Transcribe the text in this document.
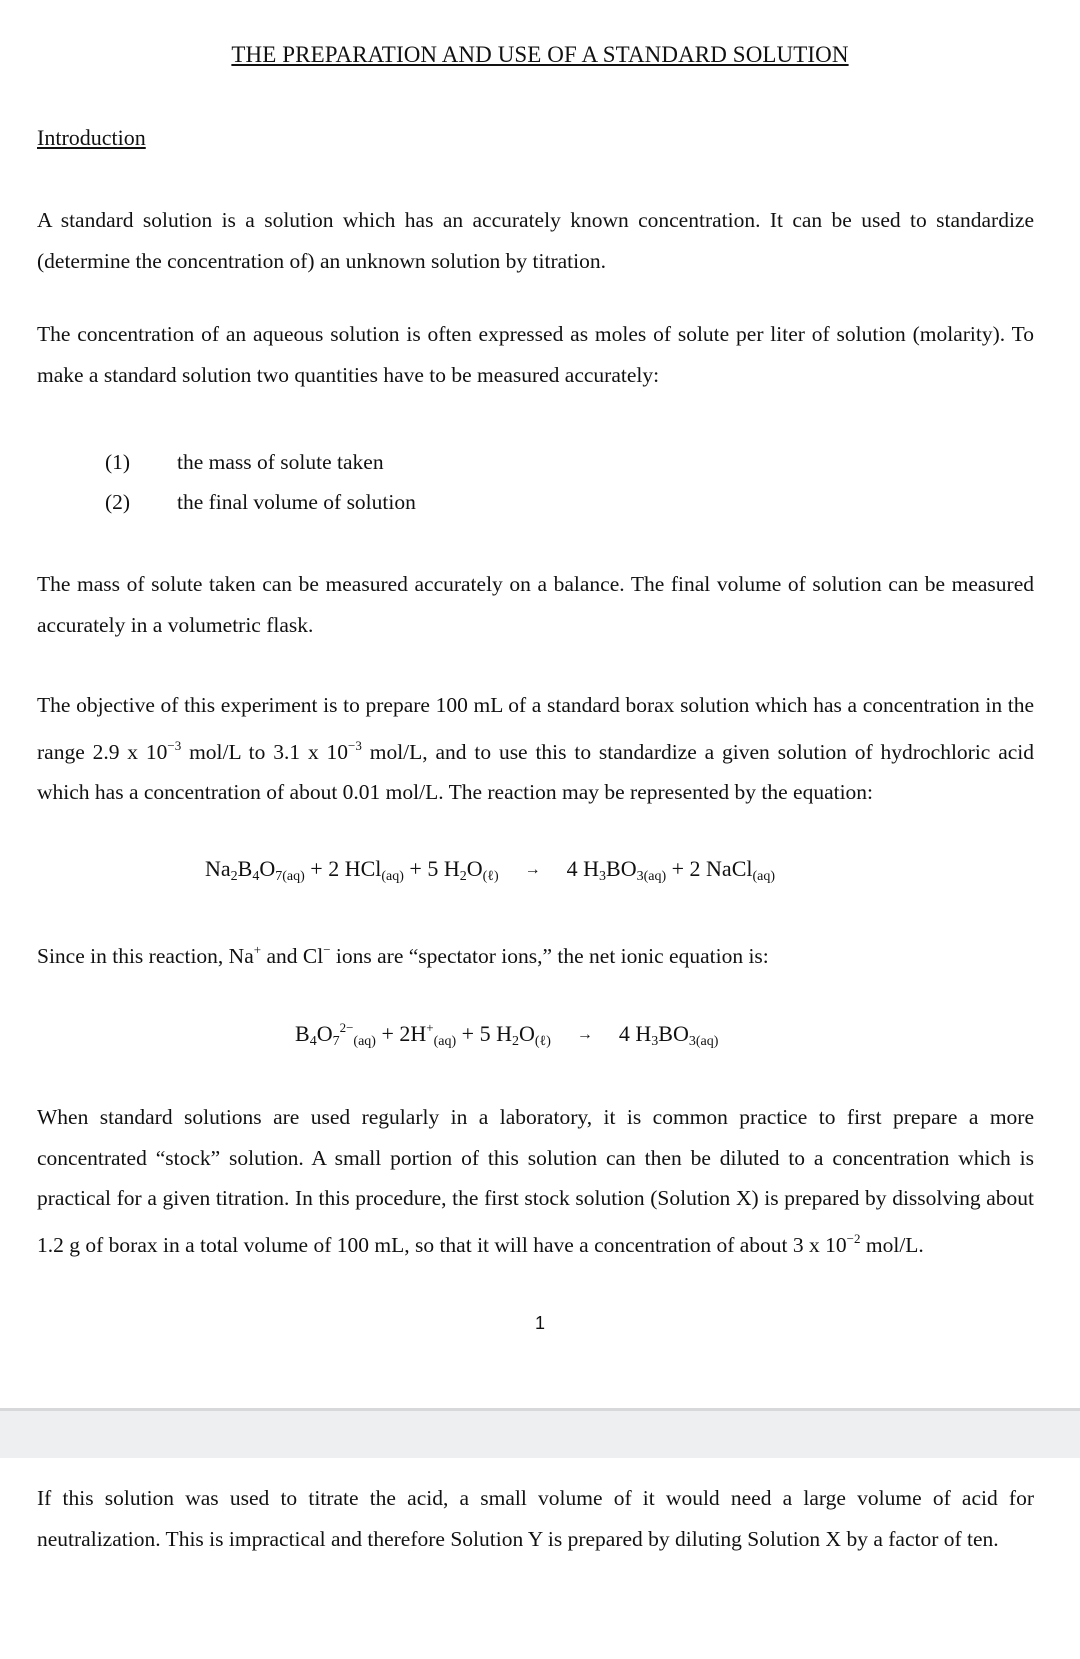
THE PREPARATION AND USE OF A STANDARD SOLUTION
Introduction

A standard solution is a solution which has an accurately known concentration. It can be used to standardize (determine the concentration of) an unknown solution by titration.

The concentration of an aqueous solution is often expressed as moles of solute per liter of solution (molarity). To make a standard solution two quantities have to be measured accurately:

(1) the mass of solute taken
(2) the final volume of solution

The mass of solute taken can be measured accurately on a balance. The final volume of solution can be measured accurately in a volumetric flask.

The objective of this experiment is to prepare 100 mL of a standard borax solution which has a concentration in the range 2.9 x $10^{-3}$ mol/L to 3.1 x $10^{-3}$ mol/L, and to use this to standardize a given solution of hydrochloric acid which has a concentration of about 0.01 mol/L. The reaction may be represented by the equation:

$Na2B4O_{7(aq)} + 2$ HCl$_{(aq)}$ + 5 $H2O_{(\ell)} \to 4$ $H3BO_{3(aq)} + 2$ NaCl$_{(aq)}$

Since in this reaction, Na+ and Cl− ions are “spectator ions,” the net ionic equation is:

$B4O7^{2-}_{(aq)} + 2H^+_{(aq)} + 5$ $H2O_{(\ell)} \to 4$ $H3BO_{3(aq)}$

When standard solutions are used regularly in a laboratory, it is common practice to first prepare a more concentrated “stock” solution. A small portion of this solution can then be diluted to a concentration which is practical for a given titration. In this procedure, the first stock solution (Solution X) is prepared by dissolving about 1.2 g of borax in a total volume of 100 mL, so that it will have a concentration of about 3 x $10^{-2}$ mol/L.

1

If this solution was used to titrate the acid, a small volume of it would need a large volume of acid for neutralization. This is impractical and therefore Solution Y is prepared by diluting Solution X by a factor of ten.
